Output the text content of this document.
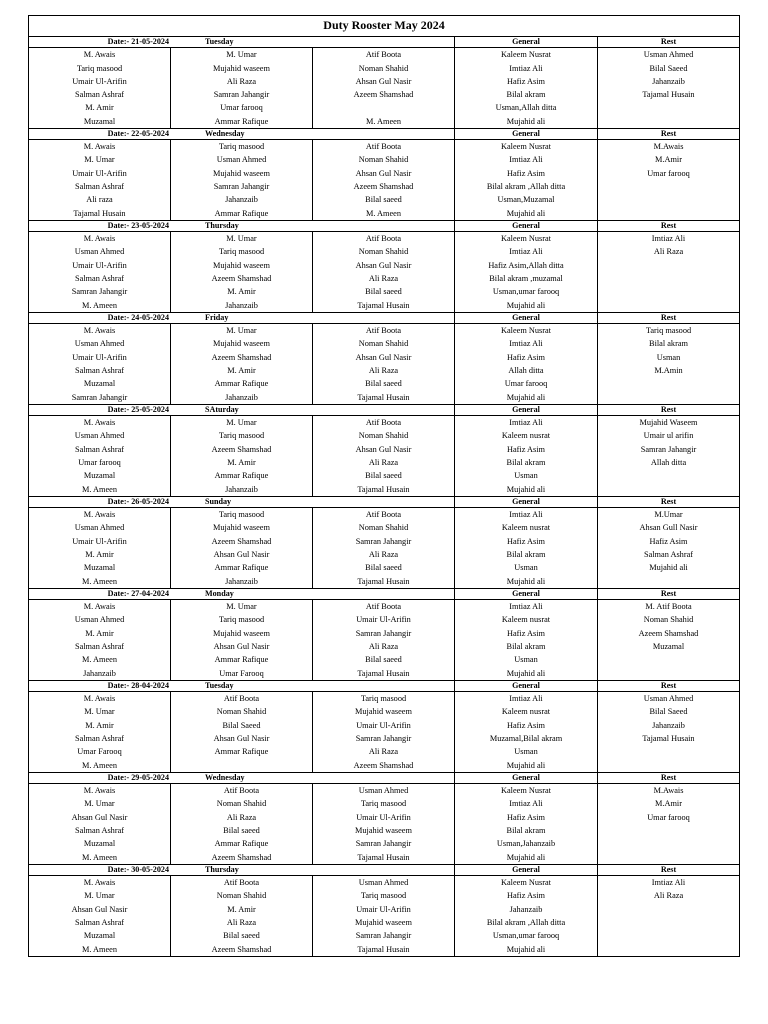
Duty Rooster May 2024				
Date:- 21-05-2024 Tuesday			General	Rest
M. Awais	M. Umar	Atif Boota	Kaleem Nusrat	Usman Ahmed
Tariq masood	Mujahid waseem	Noman Shahid	Imtiaz Ali	Bilal Saeed
Umair Ul-Arifin	Ali Raza	Ahsan Gul Nasir	Hafiz Asim	Jahanzaib
Salman Ashraf	Samran Jahangir	Azeem Shamshad	Bilal akram	Tajamal Husain
M. Amir	Umar farooq		Usman,Allah ditta	
Muzamal	Ammar Rafique	M. Ameen	Mujahid ali	
Date:- 22-05-2024 Wednesday			General	Rest
M. Awais	Tariq masood	Atif Boota	Kaleem Nusrat	M.Awais
M. Umar	Usman Ahmed	Noman Shahid	Imtiaz Ali	M.Amir
Umair Ul-Arifin	Mujahid waseem	Ahsan Gul Nasir	Hafiz Asim	Umar farooq
Salman Ashraf	Samran Jahangir	Azeem Shamshad	Bilal akram ,Allah ditta	
Ali raza	Jahanzaib	Bilal saeed	Usman,Muzamal	
Tajamal Husain	Ammar Rafique	M. Ameen	Mujahid ali	
Date:- 23-05-2024 Thursday			General	Rest
M. Awais	M. Umar	Atif Boota	Kaleem Nusrat	Imtiaz Ali
Usman Ahmed	Tariq masood	Noman Shahid	Imtiaz Ali	Ali Raza
Umair Ul-Arifin	Mujahid waseem	Ahsan Gul Nasir	Hafiz Asim,Allah ditta	
Salman Ashraf	Azeem Shamshad	Ali Raza	Bilal akram ,muzamal	
Samran Jahangir	M. Amir	Bilal saeed	Usman,umar farooq	
M. Ameen	Jahanzaib	Tajamal Husain	Mujahid ali	
Date:- 24-05-2024 Friday			General	Rest
M. Awais	M. Umar	Atif Boota	Kaleem Nusrat	Tariq masood
Usman Ahmed	Mujahid waseem	Noman Shahid	Imtiaz Ali	Bilal akram
Umair Ul-Arifin	Azeem Shamshad	Ahsan Gul Nasir	Hafiz Asim	Usman
Salman Ashraf	M. Amir	Ali Raza	Allah ditta	M.Amin
Muzamal	Ammar Rafique	Bilal saeed	Umar farooq	
Samran Jahangir	Jahanzaib	Tajamal Husain	Mujahid ali	
Date:- 25-05-2024 SAturday			General	Rest
M. Awais	M. Umar	Atif Boota	Imtiaz Ali	Mujahid Waseem
Usman Ahmed	Tariq masood	Noman Shahid	Kaleem nusrat	Umair ul arifin
Salman Ashraf	Azeem Shamshad	Ahsan Gul Nasir	Hafiz Asim	Samran Jahangir
Umar farooq	M. Amir	Ali Raza	Bilal akram	Allah ditta
Muzamal	Ammar Rafique	Bilal saeed	Usman	
M. Ameen	Jahanzaib	Tajamal Husain	Mujahid ali	
Date:- 26-05-2024 Sunday			General	Rest
M. Awais	Tariq masood	Atif Boota	Imtiaz Ali	M.Umar
Usman Ahmed	Mujahid waseem	Noman Shahid	Kaleem nusrat	Ahsan Gull Nasir
Umair Ul-Arifin	Azeem Shamshad	Samran Jahangir	Hafiz Asim	Hafiz Asim
M. Amir	Ahsan Gul Nasir	Ali Raza	Bilal akram	Salman Ashraf
Muzamal	Ammar Rafique	Bilal saeed	Usman	Mujahid ali
M. Ameen	Jahanzaib	Tajamal Husain	Mujahid ali	
Date:- 27-04-2024 Monday			General	Rest
M. Awais	M. Umar	Atif Boota	Imtiaz Ali	M. Atif Boota
Usman Ahmed	Tariq masood	Umair Ul-Arifin	Kaleem nusrat	Noman Shahid
M. Amir	Mujahid waseem	Samran Jahangir	Hafiz Asim	Azeem Shamshad
Salman Ashraf	Ahsan Gul Nasir	Ali Raza	Bilal akram	Muzamal
M. Ameen	Ammar Rafique	Bilal saeed	Usman	
Jahanzaib	Umar Farooq	Tajamal Husain	Mujahid ali	
Date:- 28-04-2024 Tuesday			General	Rest
M. Awais	Atif Boota	Tariq masood	Imtiaz Ali	Usman Ahmed
M. Umar	Noman Shahid	Mujahid waseem	Kaleem nusrat	Bilal Saeed
M. Amir	Bilal Saeed	Umair Ul-Arifin	Hafiz Asim	Jahanzaib
Salman Ashraf	Ahsan Gul Nasir	Samran Jahangir	Muzamal,Bilal akram	Tajamal Husain
Umar Farooq	Ammar Rafique	Ali Raza	Usman	
M. Ameen		Azeem Shamshad	Mujahid ali	
Date:- 29-05-2024 Wednesday			General	Rest
M. Awais	Atif Boota	Usman Ahmed	Kaleem Nusrat	M.Awais
M. Umar	Noman Shahid	Tariq masood	Imtiaz Ali	M.Amir
Ahsan Gul Nasir	Ali Raza	Umair Ul-Arifin	Hafiz Asim	Umar farooq
Salman Ashraf	Bilal saeed	Mujahid waseem	Bilal akram	
Muzamal	Ammar Rafique	Samran Jahangir	Usman,Jahanzaib	
M. Ameen	Azeem Shamshad	Tajamal Husain	Mujahid ali	
Date:- 30-05-2024 Thursday			General	Rest
M. Awais	Atif Boota	Usman Ahmed	Kaleem Nusrat	Imtiaz Ali
M. Umar	Noman Shahid	Tariq masood	Hafiz Asim	Ali Raza
Ahsan Gul Nasir	M. Amir	Umair Ul-Arifin	Jahanzaib	
Salman Ashraf	Ali Raza	Mujahid waseem	Bilal akram ,Allah ditta	
Muzamal	Bilal saeed	Samran Jahangir	Usman,umar farooq	
M. Ameen	Azeem Shamshad	Tajamal Husain	Mujahid ali	
